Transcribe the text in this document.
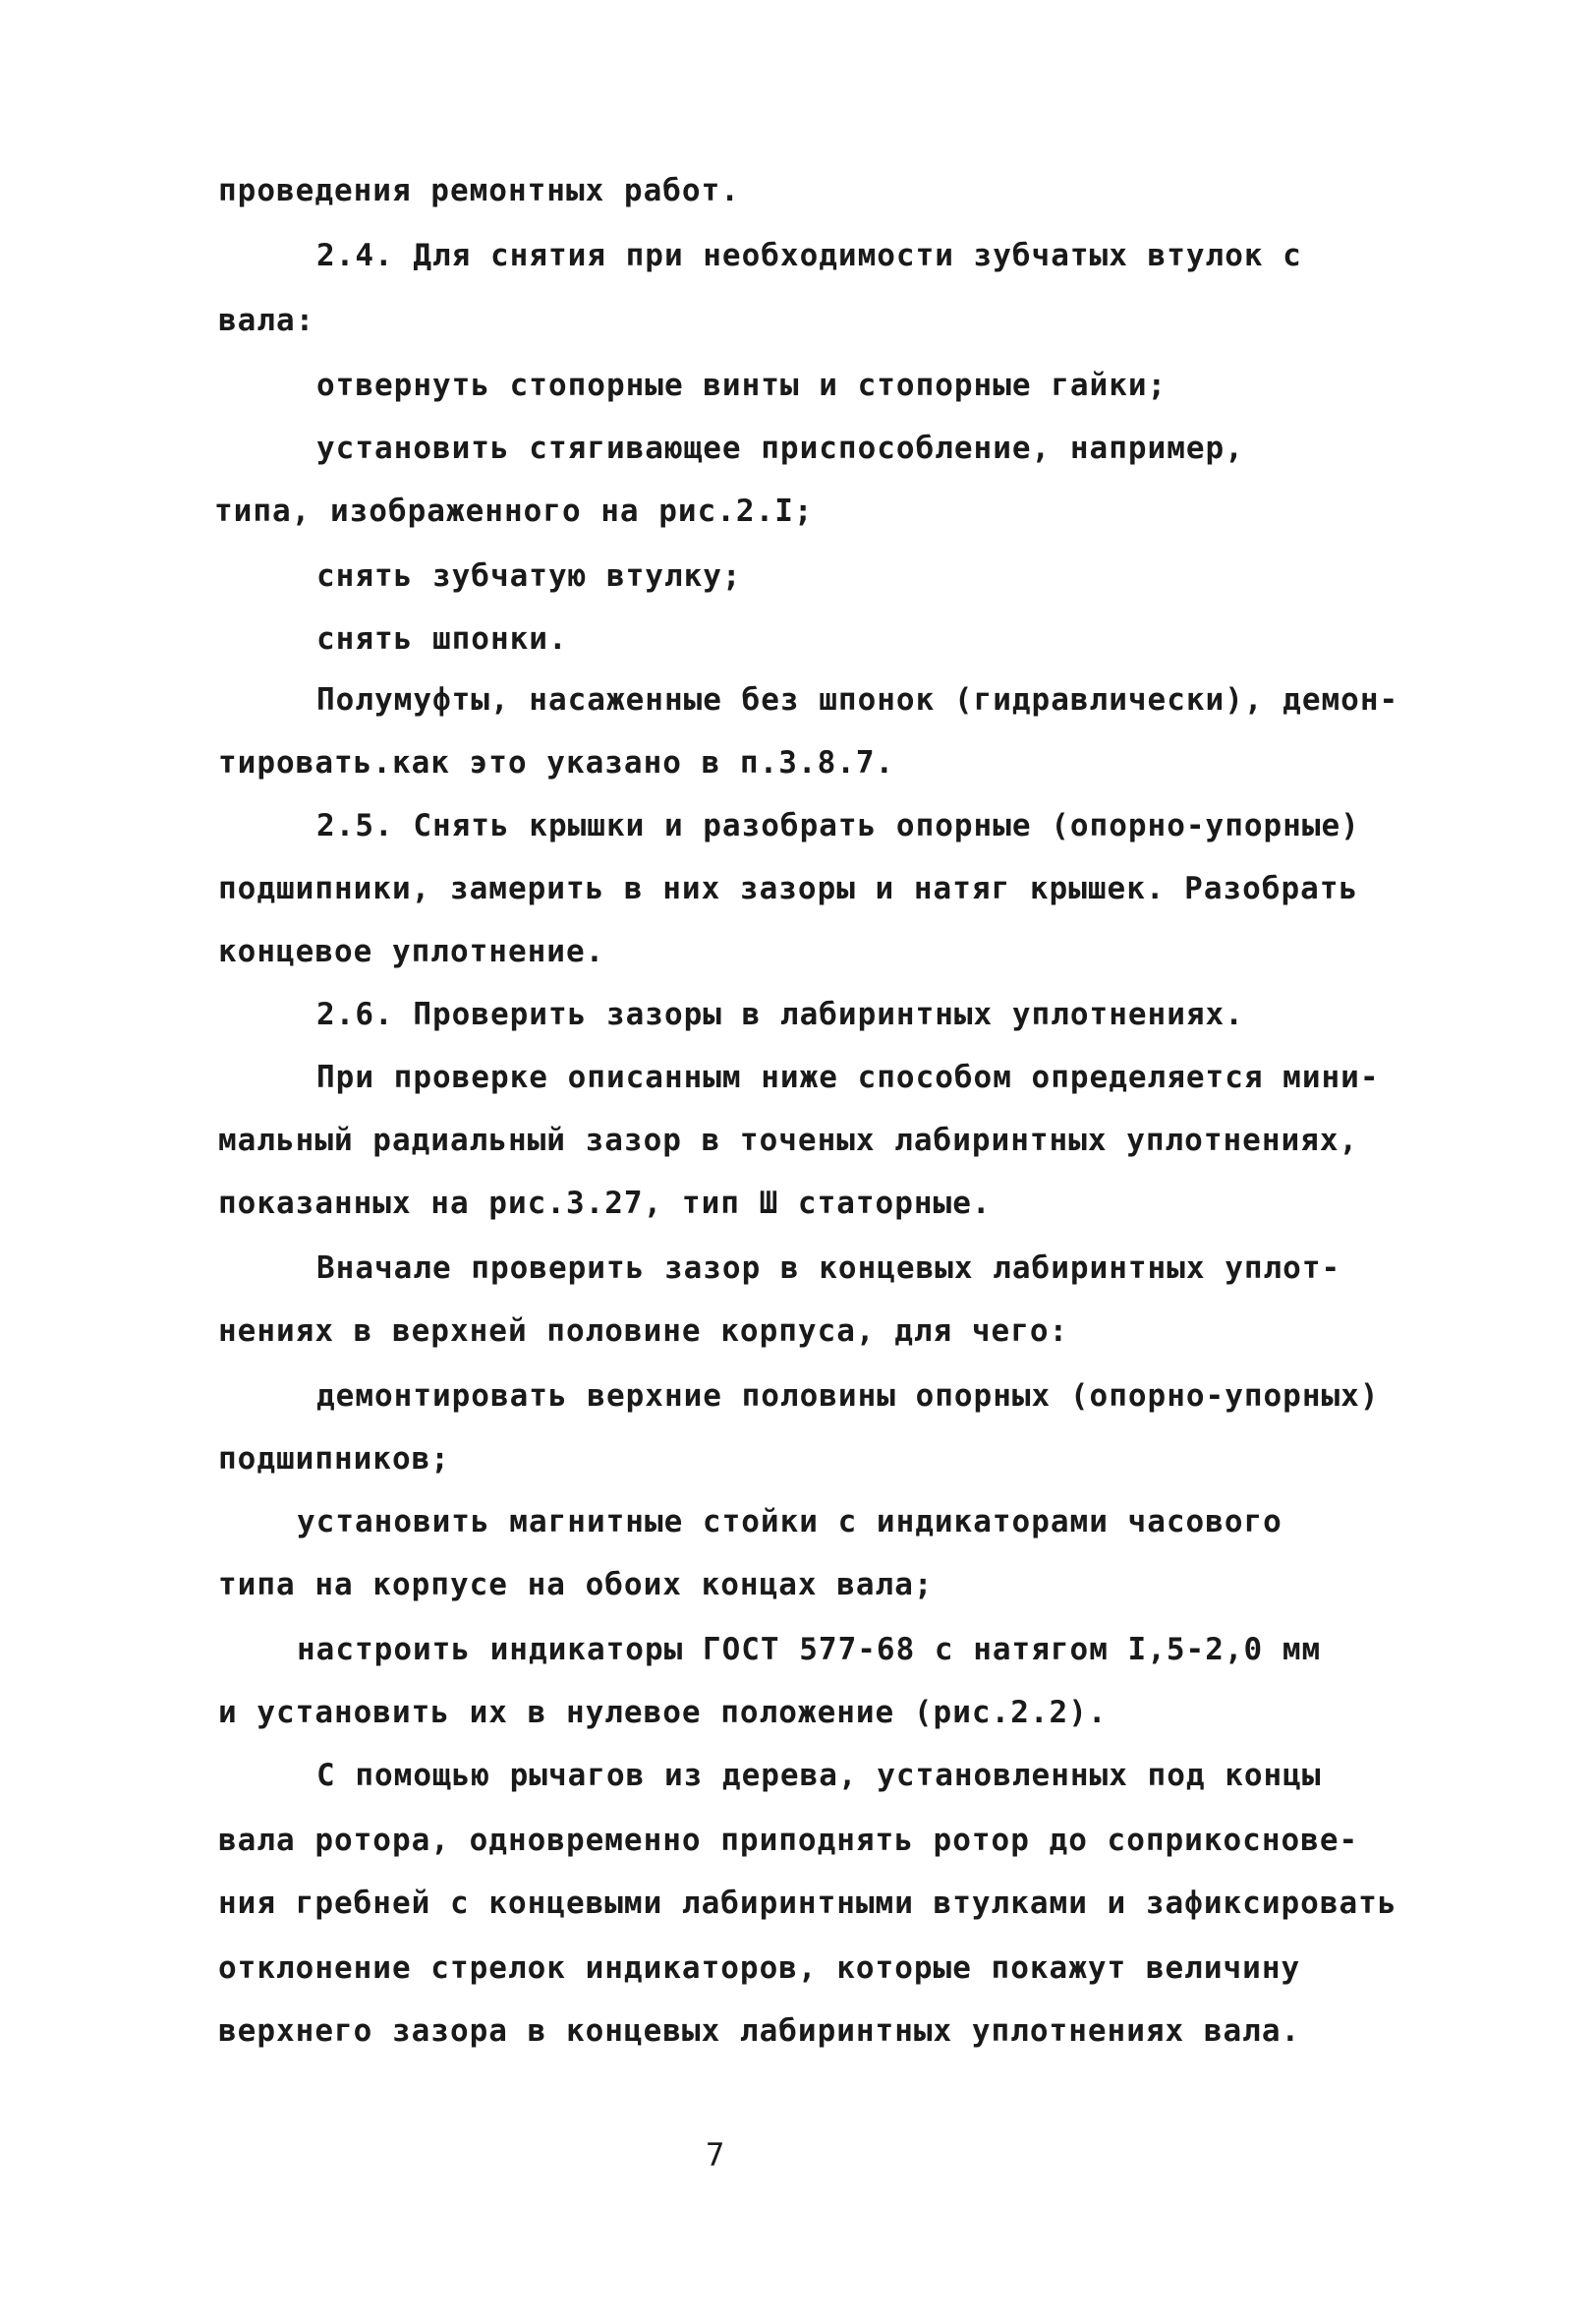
проведения ремонтных работ.

2.4. Для снятия при необходимости зубчатых втулок с

вала:

отвернуть стопорные винты и стопорные гайки;

установить стягивающее приспособление, например,

типа, изображенного на рис.2.I;

снять зубчатую втулку;

снять шпонки.

Полумуфты, насаженные без шпонок (гидравлически), демон-

тировать.как это указано в п.3.8.7.

2.5. Снять крышки и разобрать опорные (опорно-упорные)

подшипники, замерить в них зазоры и натяг крышек. Разобрать

концевое уплотнение.

2.6. Проверить зазоры в лабиринтных уплотнениях.

При проверке описанным ниже способом определяется мини-

мальный радиальный зазор в точеных лабиринтных уплотнениях,

показанных на рис.3.27, тип Ш статорные.

Вначале проверить зазор в концевых лабиринтных уплот-

нениях в верхней половине корпуса, для чего:

демонтировать верхние половины опорных (опорно-упорных)

подшипников;

установить магнитные стойки с индикаторами часового

типа на корпусе на обоих концах вала;

настроить индикаторы ГОСТ 577-68 с натягом I,5-2,0 мм

и установить их в нулевое положение (рис.2.2).

С помощью рычагов из дерева, установленных под концы

вала ротора, одновременно приподнять ротор до соприкоснове-

ния гребней с концевыми лабиринтными втулками и зафиксировать

отклонение стрелок индикаторов, которые покажут величину

верхнего зазора в концевых лабиринтных уплотнениях вала.

7
